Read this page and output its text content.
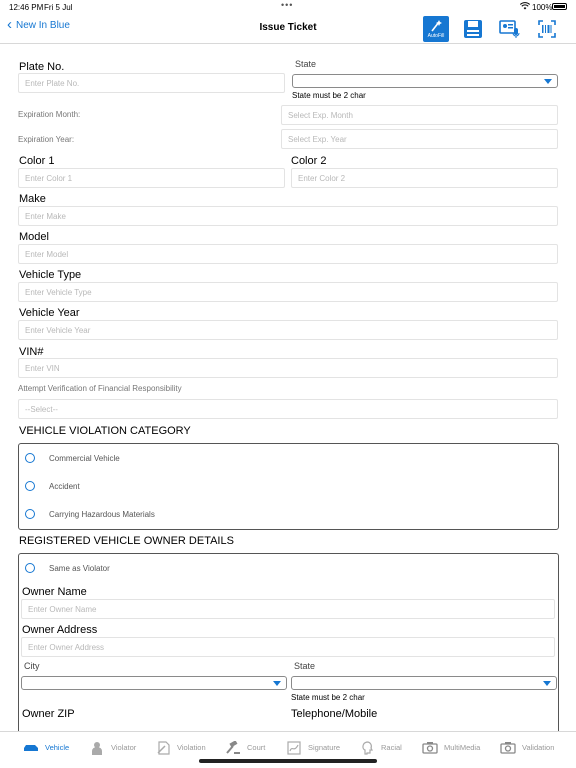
12:46 PM Fri 5 Jul	•••	100%
‹ New In Blue	Issue Ticket
AutoFill
Plate No.
Enter Plate No.
State
State must be 2 char
Expiration Month:	Select Exp. Month
Expiration Year:	Select Exp. Year
Color 1
Enter Color 1
Color 2
Enter Color 2
Make
Enter Make
Model
Enter Model
Vehicle Type
Enter Vehicle Type
Vehicle Year
Enter Vehicle Year
VIN#
Enter VIN
Attempt Verification of Financial Responsibility
--Select--
VEHICLE VIOLATION CATEGORY
Commercial Vehicle
Accident
Carrying Hazardous Materials
REGISTERED VEHICLE OWNER DETAILS
Same as Violator
Owner Name
Enter Owner Name
Owner Address
Enter Owner Address
City	State
State must be 2 char
Owner ZIP	Telephone/Mobile
Vehicle	Violator	Violation	Court	Signature	Racial	MultiMedia	Validation
